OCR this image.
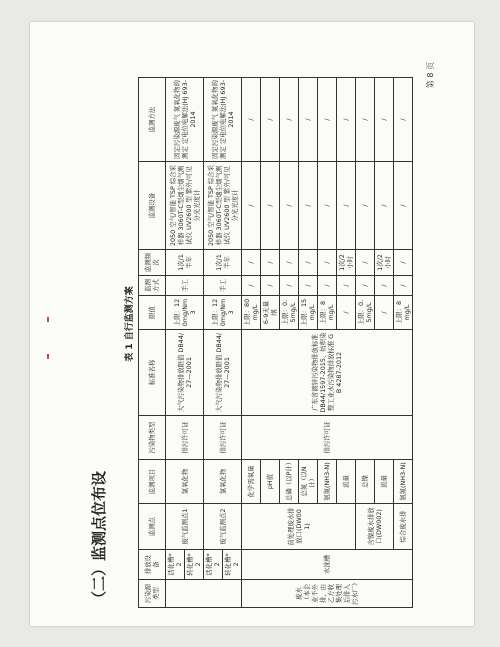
（二）监测点位布设
表 1 自行监测方案
污染源类型	排放设备	监测点	监测项目	污染物类型	标准名称	限值	监测方式	监测频次	监测设备	监测方法
	活化槽*2	废气监测点1	氯氧化物	排污许可证	大气污染物排放限值 DB44/ 27—2001	上限：120mg/Nm3	手工	1次/1半年	2050 空气/智能 TSP 综合采样器 3060T-C型烟尘烟气测试仪 UV2600 型 紫外/可见分光光度计	固定污染源废气 氮氧化物的测定 定电位电解法(HJ 693-2014
	转化槽*2									
	活化槽*2	废气监测点2	氯氧化物	排污许可证	大气污染物排放限值 DB44/ 27—2001	上限：120mg/Nm3	手工	1次/1半年	2050 空气/智能 TSP 综合采样器 3060T-C型烟尘烟气测试仪 UV2600 型 紫外/可见分光光度计	固定污染源废气 氮氧化物的测定 定电位电解法(HJ 693-2014
	转化槽*2									
废水（本企业不外排，由乙方收集处理后排入污水厂）	水洗槽	前处理废水排放口(DW001)	化学需氧量	排污许可证	广东省镀锌污染物排放标准 DB44/1597-2015、纺织染整工业水污染物排放标准 GB 4287-2012	上限：80mg/L	/	/	/	/
			pH值			6-9无量纲	/	/	/	/
			总磷（以P计）			上限：0.5mg/L	/	/	/	/
			总氮（以N计）			上限：15mg/L	/	/	/	/
			氨氮(NH3-N)			上限：8mg/L	/	/	/	/
			流量			/	/	1次/2小时	/	/
		含镍废水排放口(DW002)	总镍			上限：0.5mg/L	/	/	/	/
			流量			/	/	1次/2小时	/	/
		综合废水排	氨氮(NH3-N)			上限：8mg/L	/	/	/	/
第 8 页
